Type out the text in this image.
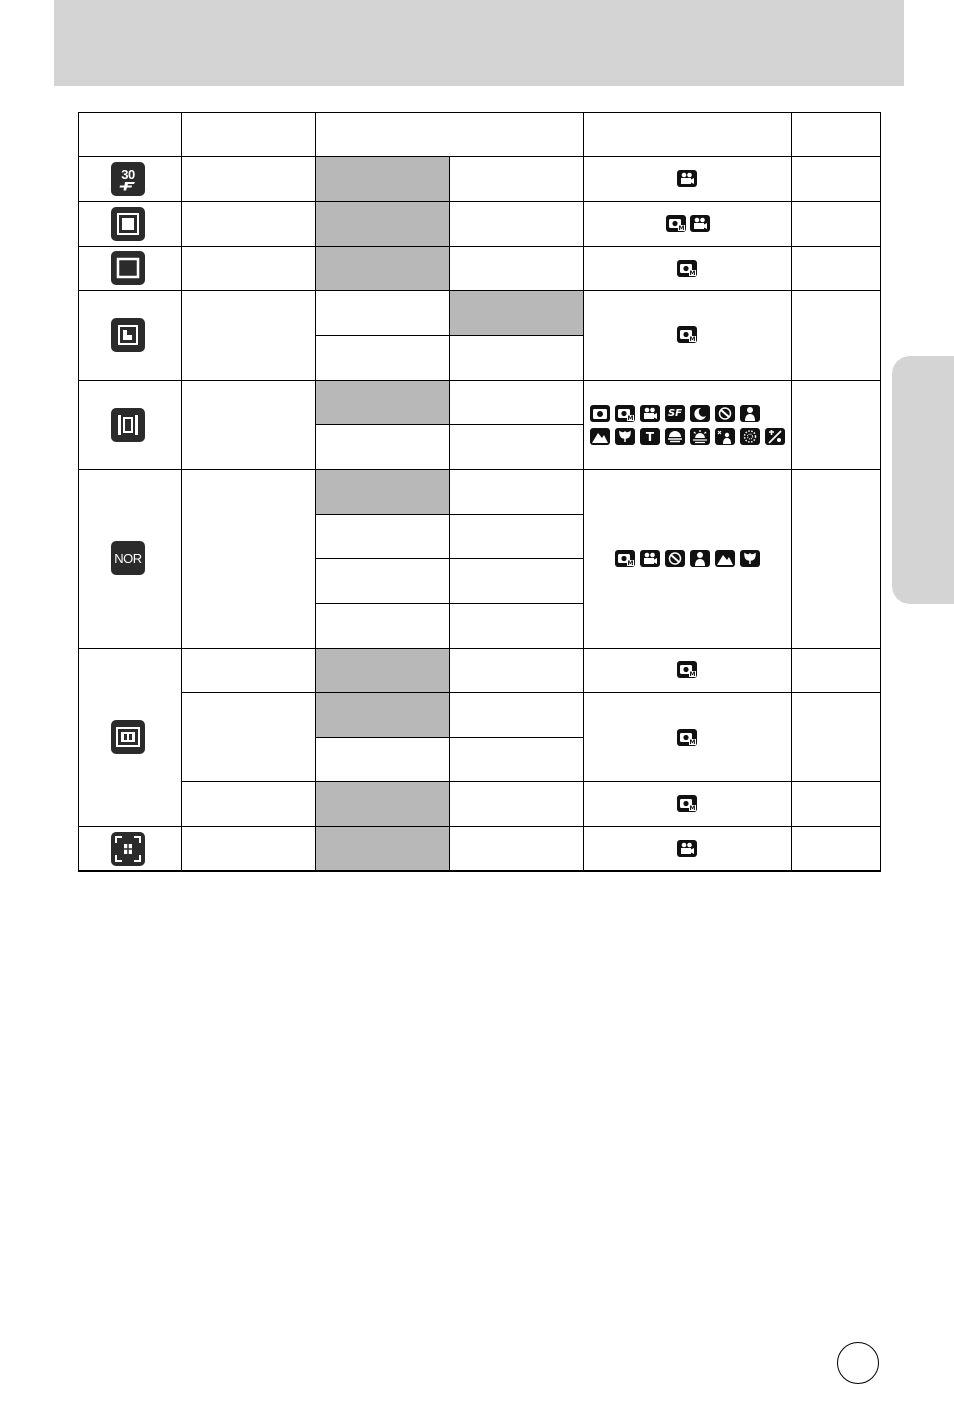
30
NOR
M
M
M
M
SF
T
M
M
M
M
